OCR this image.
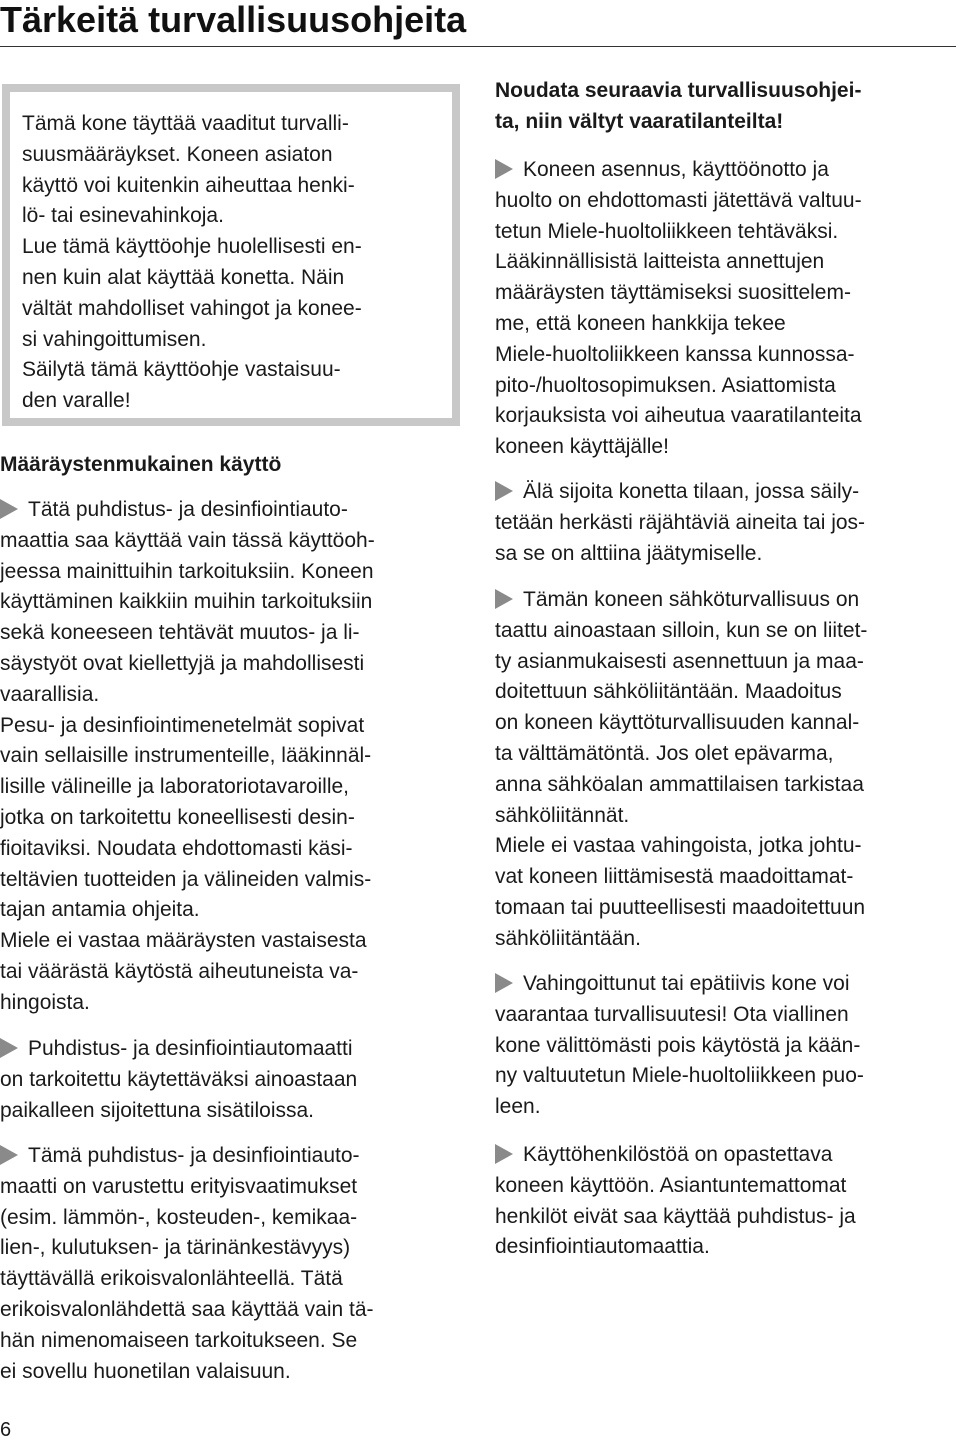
Tärkeitä turvallisuusohjeita
Tämä kone täyttää vaaditut turvalli-
suusmääräykset. Koneen asiaton
käyttö voi kuitenkin aiheuttaa henki-
lö- tai esinevahinkoja.
Lue tämä käyttöohje huolellisesti en-
nen kuin alat käyttää konetta. Näin
vältät mahdolliset vahingot ja konee-
si vahingoittumisen.
Säilytä tämä käyttöohje vastaisuu-
den varalle!
Määräystenmukainen käyttö
Tätä puhdistus- ja desinfiointiauto-
maattia saa käyttää vain tässä käyttöoh-
jeessa mainittuihin tarkoituksiin. Koneen
käyttäminen kaikkiin muihin tarkoituksiin
sekä koneeseen tehtävät muutos- ja li-
säystyöt ovat kiellettyjä ja mahdollisesti
vaarallisia.
Pesu- ja desinfiointimenetelmät sopivat
vain sellaisille instrumenteille, lääkinnäl-
lisille välineille ja laboratoriotavaroille,
jotka on tarkoitettu koneellisesti desin-
fioitaviksi. Noudata ehdottomasti käsi-
teltävien tuotteiden ja välineiden valmis-
tajan antamia ohjeita.
Miele ei vastaa määräysten vastaisesta
tai väärästä käytöstä aiheutuneista va-
hingoista.
Puhdistus- ja desinfiointiautomaatti
on tarkoitettu käytettäväksi ainoastaan
paikalleen sijoitettuna sisätiloissa.
Tämä puhdistus- ja desinfiointiauto-
maatti on varustettu erityisvaatimukset
(esim. lämmön-, kosteuden-, kemikaa-
lien-, kulutuksen- ja tärinänkestävyys)
täyttävällä erikoisvalonlähteellä. Tätä
erikoisvalonlähdettä saa käyttää vain tä-
hän nimenomaiseen tarkoitukseen. Se
ei sovellu huonetilan valaisuun.
Noudata seuraavia turvallisuusohjei-
ta, niin vältyt vaaratilanteilta!
Koneen asennus, käyttöönotto ja
huolto on ehdottomasti jätettävä valtuu-
tetun Miele-huoltoliikkeen tehtäväksi.
Lääkinnällisistä laitteista annettujen
määräysten täyttämiseksi suosittelem-
me, että koneen hankkija tekee
Miele-huoltoliikkeen kanssa kunnossa-
pito-/huoltosopimuksen. Asiattomista
korjauksista voi aiheutua vaaratilanteita
koneen käyttäjälle!
Älä sijoita konetta tilaan, jossa säily-
tetään herkästi räjähtäviä aineita tai jos-
sa se on alttiina jäätymiselle.
Tämän koneen sähköturvallisuus on
taattu ainoastaan silloin, kun se on liitet-
ty asianmukaisesti asennettuun ja maa-
doitettuun sähköliitäntään. Maadoitus
on koneen käyttöturvallisuuden kannal-
ta välttämätöntä. Jos olet epävarma,
anna sähköalan ammattilaisen tarkistaa
sähköliitännät.
Miele ei vastaa vahingoista, jotka johtu-
vat koneen liittämisestä maadoittamat-
tomaan tai puutteellisesti maadoitettuun
sähköliitäntään.
Vahingoittunut tai epätiivis kone voi
vaarantaa turvallisuutesi! Ota viallinen
kone välittömästi pois käytöstä ja kään-
ny valtuutetun Miele-huoltoliikkeen puo-
leen.
Käyttöhenkilöstöä on opastettava
koneen käyttöön. Asiantuntemattomat
henkilöt eivät saa käyttää puhdistus- ja
desinfiointiautomaattia.
6
